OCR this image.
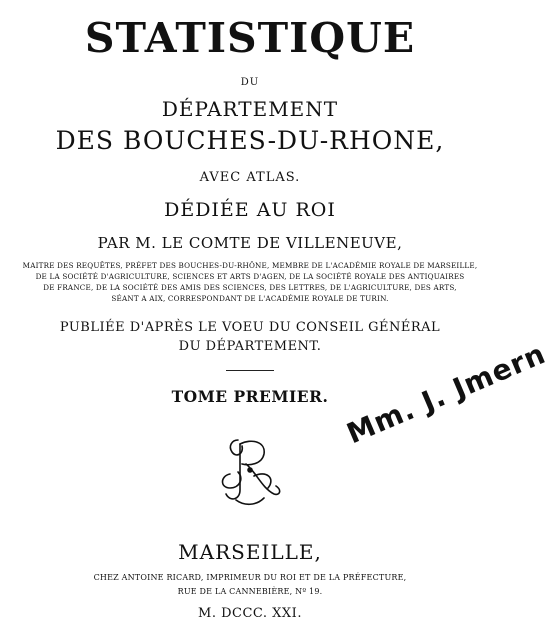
STATISTIQUE
DU
DÉPARTEMENT
DES BOUCHES-DU-RHONE,
AVEC ATLAS.
DÉDIÉE AU ROI
PAR M. LE COMTE DE VILLENEUVE,
MAITRE DES REQUÊTES, PRÉFET DES BOUCHES-DU-RHÔNE, MEMBRE DE L'ACADÉMIE ROYALE DE MARSEILLE,
DE LA SOCIÉTÉ D'AGRICULTURE, SCIENCES ET ARTS D'AGEN, DE LA SOCIÉTÉ ROYALE DES ANTIQUAIRES
DE FRANCE, DE LA SOCIÉTÉ DES AMIS DES SCIENCES, DES LETTRES, DE L'AGRICULTURE, DES ARTS,
SÉANT A AIX, CORRESPONDANT DE L'ACADÉMIE ROYALE DE TURIN.
PUBLIÉE D'APRÈS LE VOEU DU CONSEIL GÉNÉRAL
DU DÉPARTEMENT.
TOME PREMIER. Mm. J. Jmern
MARSEILLE,
CHEZ ANTOINE RICARD, IMPRIMEUR DU ROI ET DE LA PRÉFECTURE,
RUE DE LA CANNEBIÈRE, Nº 19.
M. DCCC. XXI.
